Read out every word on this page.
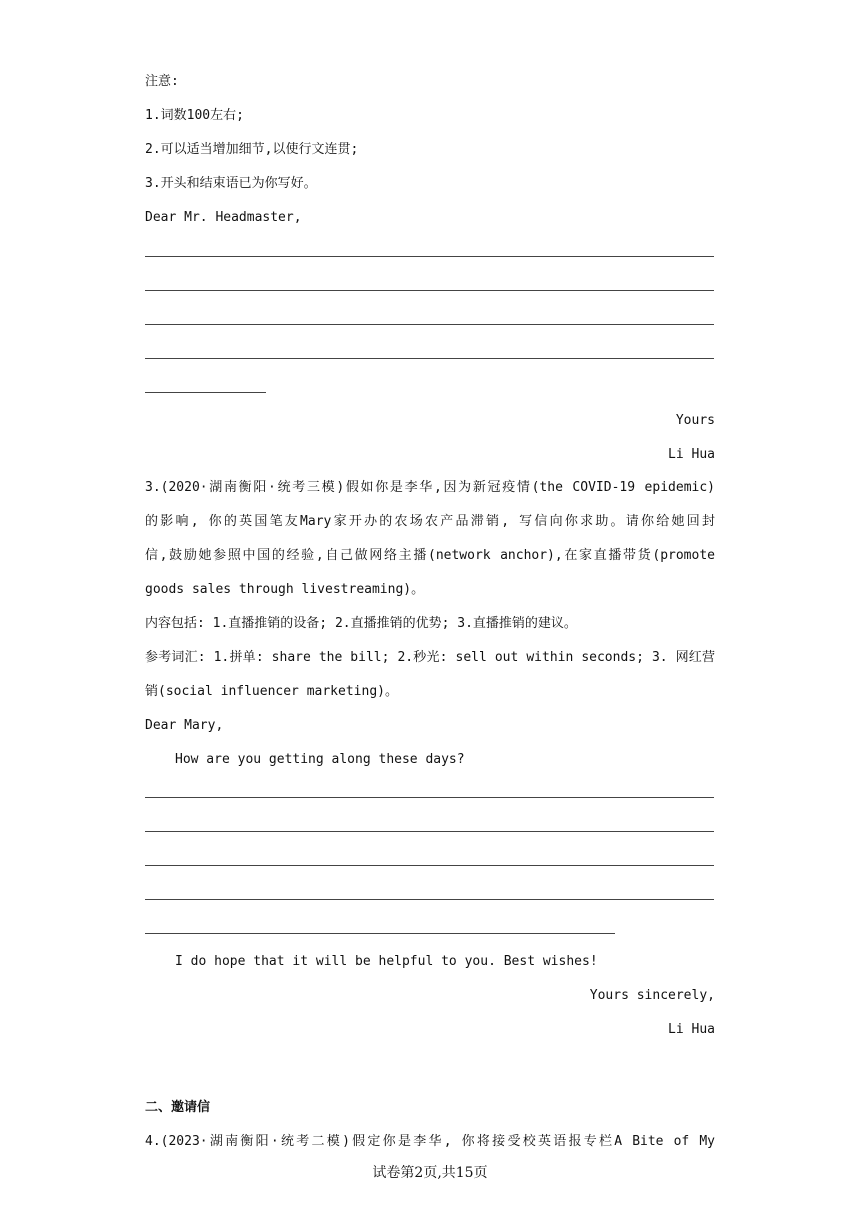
注意:
1.词数100左右;
2.可以适当增加细节,以使行文连贯;
3.开头和结束语已为你写好。
Dear Mr. Headmaster,
Yours
Li Hua
3.(2020·湖南衡阳·统考三模)假如你是李华,因为新冠疫情(the COVID-19 epidemic)
的影响, 你的英国笔友Mary家开办的农场农产品滞销, 写信向你求助。请你给她回封
信,鼓励她参照中国的经验,自己做网络主播(network anchor),在家直播带货(promote
goods sales through livestreaming)。
内容包括: 1.直播推销的设备; 2.直播推销的优势; 3.直播推销的建议。
参考词汇: 1.拼单: share the bill; 2.秒光: sell out within seconds; 3. 网红营
销(social influencer marketing)。
Dear Mary,
How are you getting along these days?
I do hope that it will be helpful to you. Best wishes!
Yours sincerely,
Li Hua
二、邀请信
4.(2023·湖南衡阳·统考二模)假定你是李华, 你将接受校英语报专栏A Bite of My
试卷第2页,共15页
